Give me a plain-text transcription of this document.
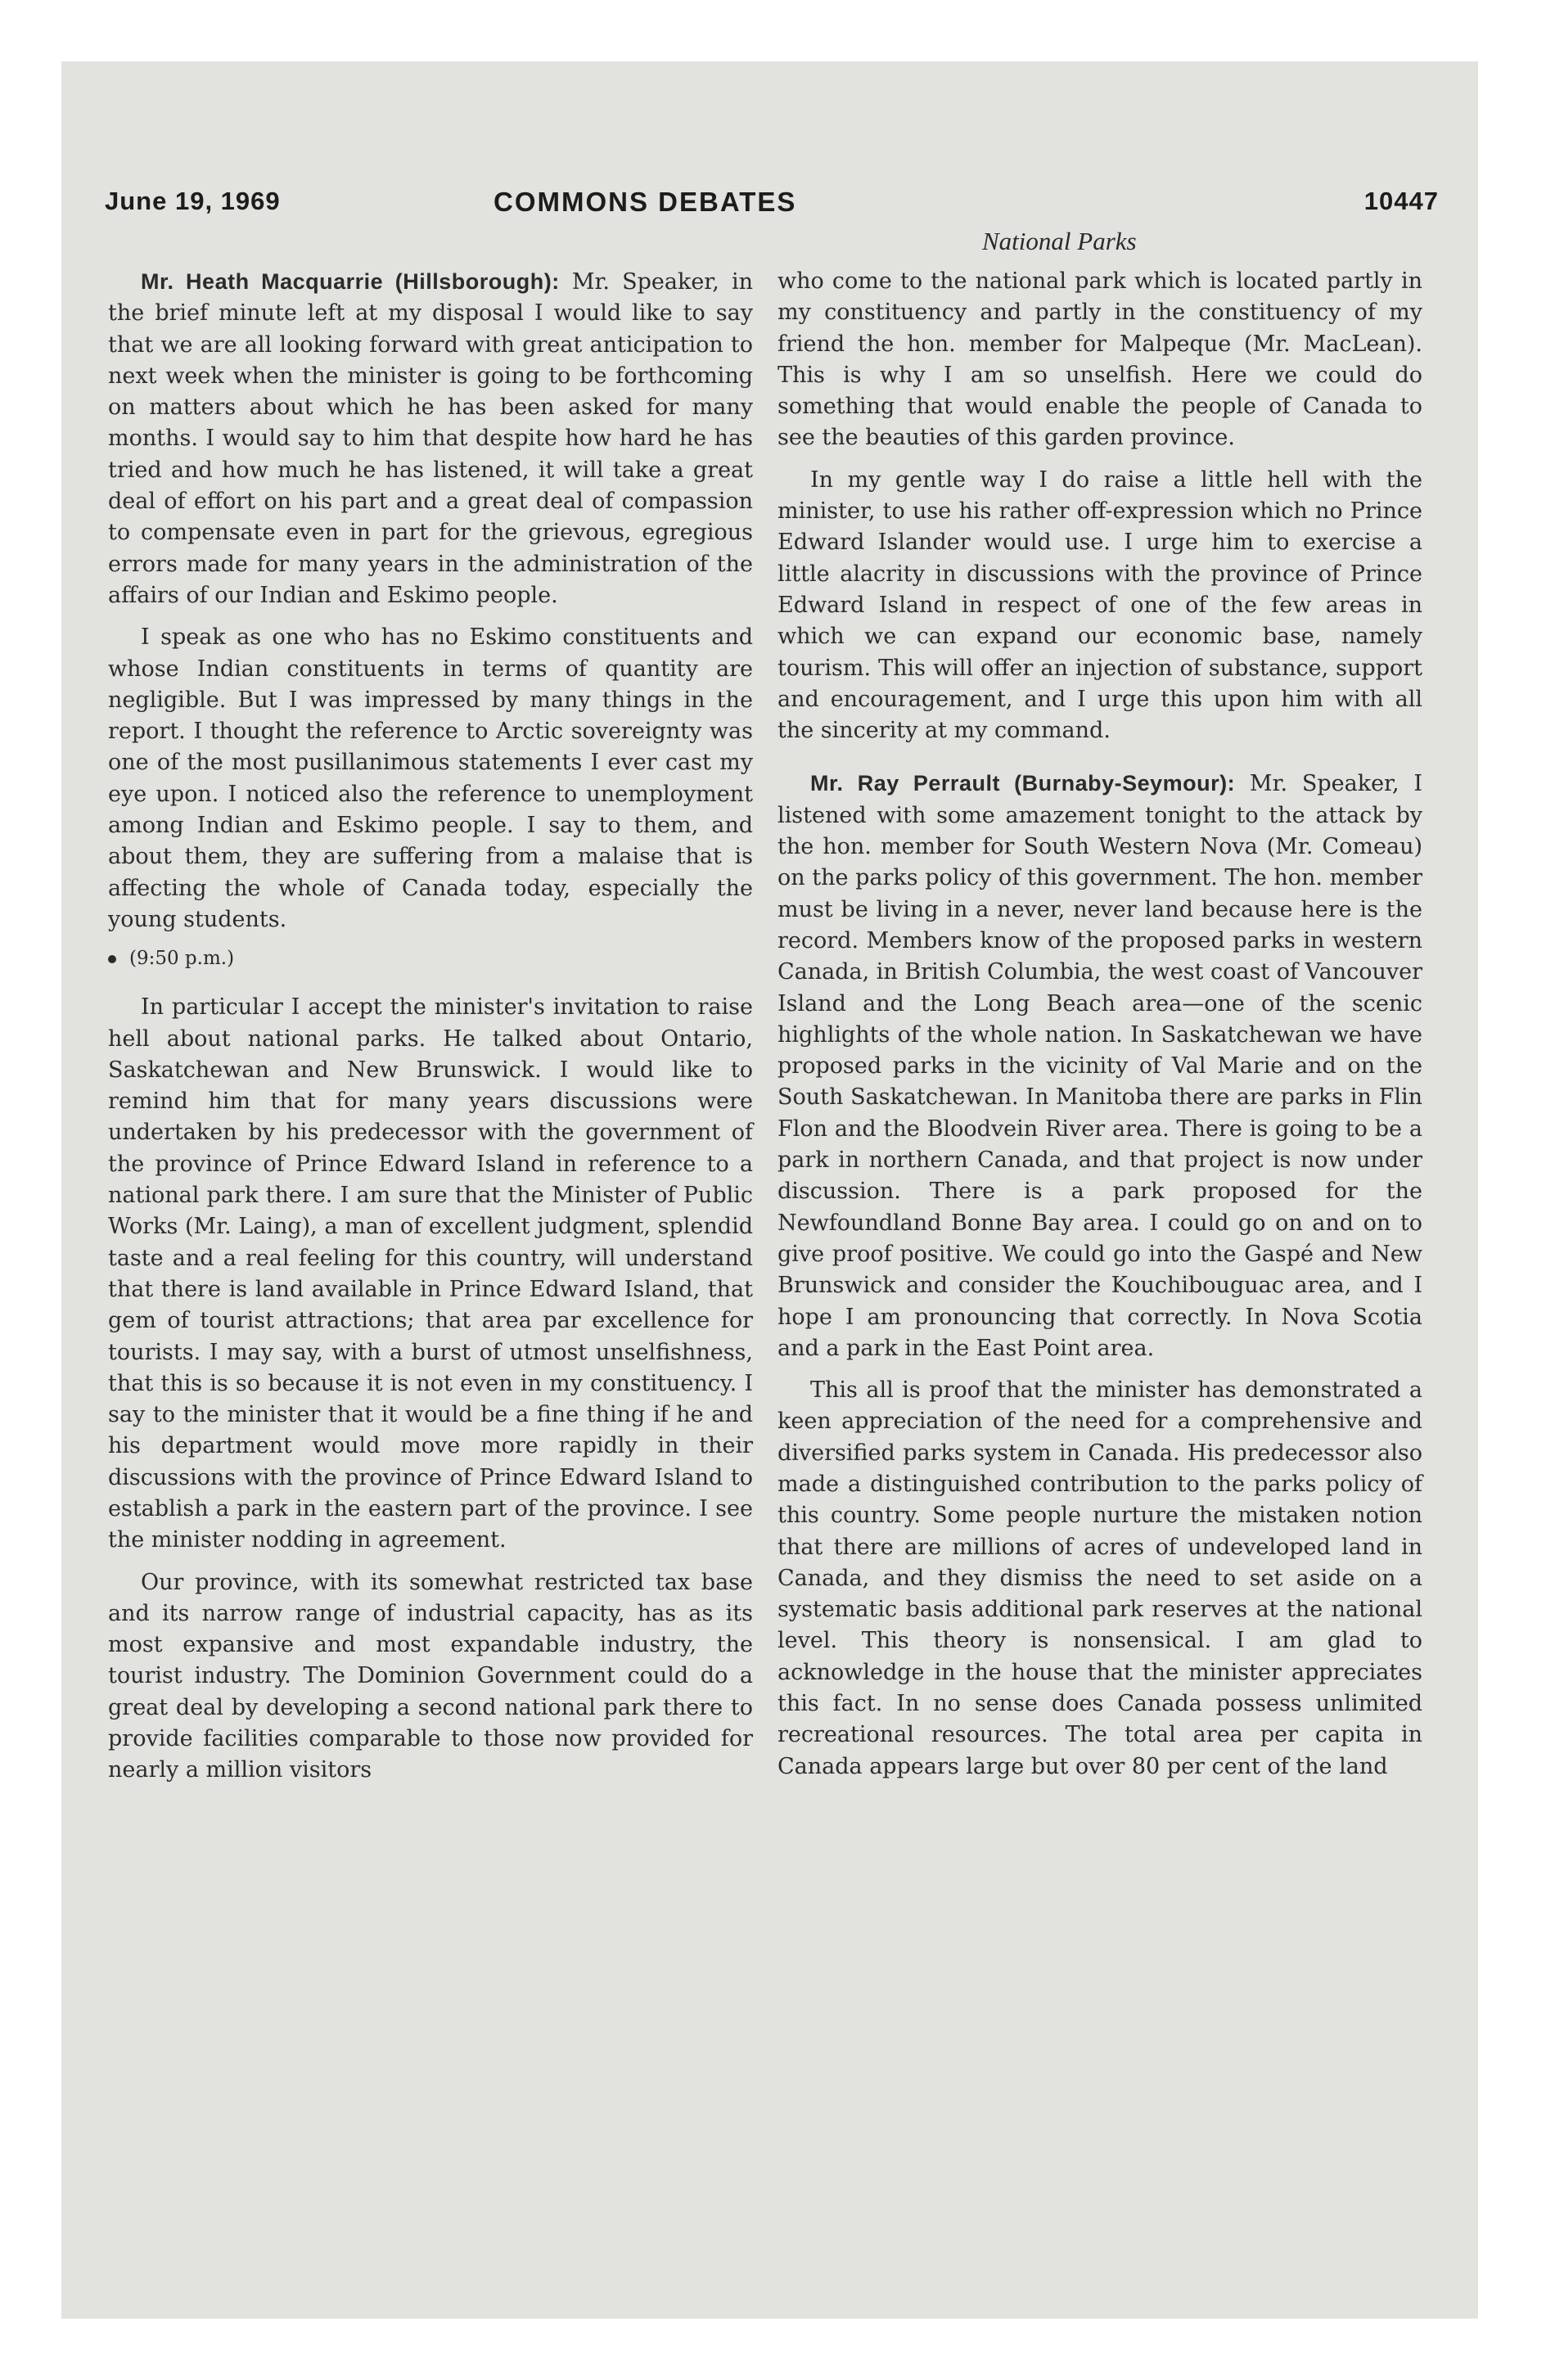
June 19, 1969	COMMONS DEBATES	10447
National Parks

Mr. Heath Macquarrie (Hillsborough): Mr. Speaker, in the brief minute left at my disposal I would like to say that we are all looking forward with great anticipation to next week when the minister is going to be forthcoming on matters about which he has been asked for many months. I would say to him that despite how hard he has tried and how much he has listened, it will take a great deal of effort on his part and a great deal of compassion to compensate even in part for the grievous, egregious errors made for many years in the administration of the affairs of our Indian and Eskimo people.

I speak as one who has no Eskimo constituents and whose Indian constituents in terms of quantity are negligible. But I was impressed by many things in the report. I thought the reference to Arctic sovereignty was one of the most pusillanimous statements I ever cast my eye upon. I noticed also the reference to unemployment among Indian and Eskimo people. I say to them, and about them, they are suffering from a malaise that is affecting the whole of Canada today, especially the young students.

(9:50 p.m.)

In particular I accept the minister's invitation to raise hell about national parks. He talked about Ontario, Saskatchewan and New Brunswick. I would like to remind him that for many years discussions were undertaken by his predecessor with the government of the province of Prince Edward Island in reference to a national park there. I am sure that the Minister of Public Works (Mr. Laing), a man of excellent judgment, splendid taste and a real feeling for this country, will understand that there is land available in Prince Edward Island, that gem of tourist attractions; that area par excellence for tourists. I may say, with a burst of utmost unselfishness, that this is so because it is not even in my constituency. I say to the minister that it would be a fine thing if he and his department would move more rapidly in their discussions with the province of Prince Edward Island to establish a park in the eastern part of the province. I see the minister nodding in agreement.

Our province, with its somewhat restricted tax base and its narrow range of industrial capacity, has as its most expansive and most expandable industry, the tourist industry. The Dominion Government could do a great deal by developing a second national park there to provide facilities comparable to those now provided for nearly a million visitors

who come to the national park which is located partly in my constituency and partly in the constituency of my friend the hon. member for Malpeque (Mr. MacLean). This is why I am so unselfish. Here we could do something that would enable the people of Canada to see the beauties of this garden province.

In my gentle way I do raise a little hell with the minister, to use his rather off-expression which no Prince Edward Islander would use. I urge him to exercise a little alacrity in discussions with the province of Prince Edward Island in respect of one of the few areas in which we can expand our economic base, namely tourism. This will offer an injection of substance, support and encouragement, and I urge this upon him with all the sincerity at my command.

Mr. Ray Perrault (Burnaby-Seymour): Mr. Speaker, I listened with some amazement tonight to the attack by the hon. member for South Western Nova (Mr. Comeau) on the parks policy of this government. The hon. member must be living in a never, never land because here is the record. Members know of the proposed parks in western Canada, in British Columbia, the west coast of Vancouver Island and the Long Beach area—one of the scenic highlights of the whole nation. In Saskatchewan we have proposed parks in the vicinity of Val Marie and on the South Saskatchewan. In Manitoba there are parks in Flin Flon and the Bloodvein River area. There is going to be a park in northern Canada, and that project is now under discussion. There is a park proposed for the Newfoundland Bonne Bay area. I could go on and on to give proof positive. We could go into the Gaspé and New Brunswick and consider the Kouchibouguac area, and I hope I am pronouncing that correctly. In Nova Scotia and a park in the East Point area.

This all is proof that the minister has demonstrated a keen appreciation of the need for a comprehensive and diversified parks system in Canada. His predecessor also made a distinguished contribution to the parks policy of this country. Some people nurture the mistaken notion that there are millions of acres of undeveloped land in Canada, and they dismiss the need to set aside on a systematic basis additional park reserves at the national level. This theory is nonsensical. I am glad to acknowledge in the house that the minister appreciates this fact. In no sense does Canada possess unlimited recreational resources. The total area per capita in Canada appears large but over 80 per cent of the land
